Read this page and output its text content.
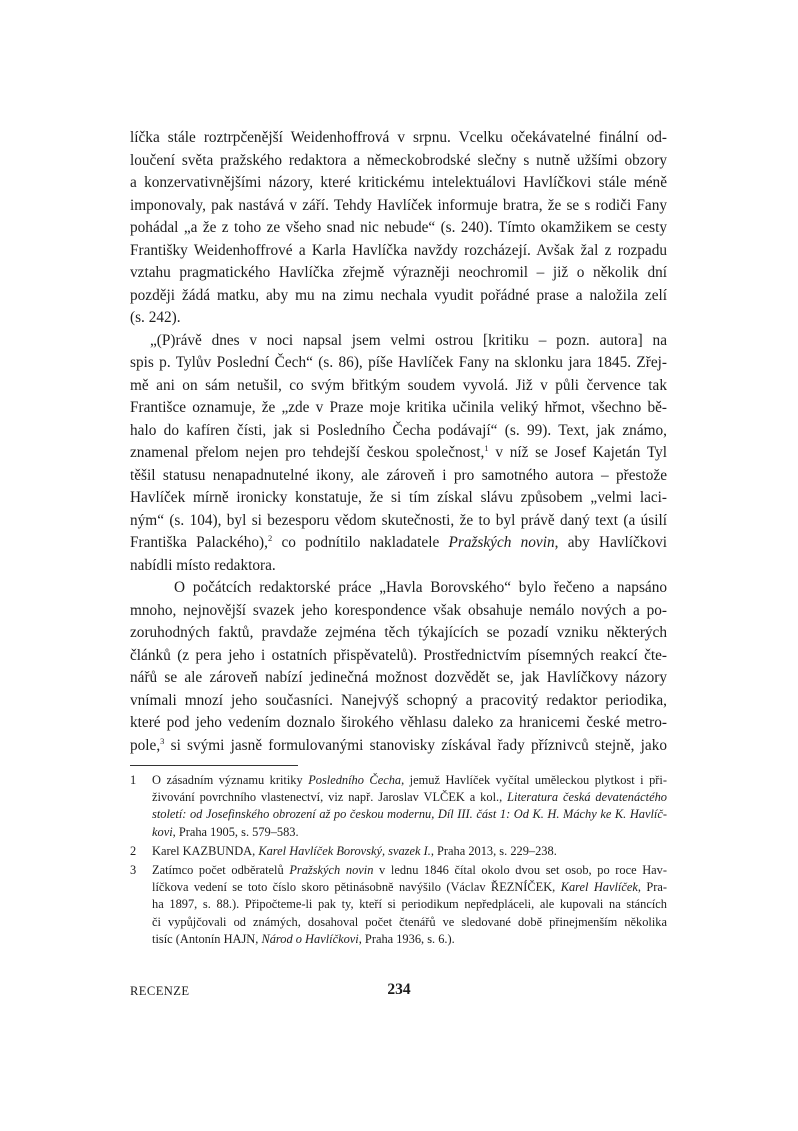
líčka stále roztrpčenější Weidenhoffrová v srpnu. Vcelku očekávatelné finální od-
loučení světa pražského redaktora a německobrodské slečny s nutně užšími obzory
a konzervativnějšími názory, které kritickému intelektuálovi Havlíčkovi stále méně
imponovaly, pak nastává v září. Tehdy Havlíček informuje bratra, že se s rodiči Fany
pohádal „a že z toho ze všeho snad nic nebude“ (s. 240). Tímto okamžikem se cesty
Františky Weidenhoffrové a Karla Havlíčka navždy rozcházejí. Avšak žal z rozpadu
vztahu pragmatického Havlíčka zřejmě výrazněji neochromil – již o několik dní
později žádá matku, aby mu na zimu nechala vyudit pořádné prase a naložila zelí
(s. 242).
„(P)rávě dnes v noci napsal jsem velmi ostrou [kritiku – pozn. autora] na
spis p. Tylův Poslední Čech“ (s. 86), píše Havlíček Fany na sklonku jara 1845. Zřej-
mě ani on sám netušil, co svým břitkým soudem vyvolá. Již v půli července tak
Františce oznamuje, že „zde v Praze moje kritika učinila veliký hřmot, všechno bě-
halo do kafíren čísti, jak si Posledního Čecha podávají“ (s. 99). Text, jak známo,
znamenal přelom nejen pro tehdejší českou společnost,$^1$ v níž se Josef Kajetán Tyl
těšil statusu nenapadnutelné ikony, ale zároveň i pro samotného autora – přestože
Havlíček mírně ironicky konstatuje, že si tím získal slávu způsobem „velmi laci-
ným“ (s. 104), byl si bezesporu vědom skutečnosti, že to byl právě daný text (a úsilí
Františka Palackého),$^2$ co podnítilo nakladatele Pražských novin, aby Havlíčkovi
nabídli místo redaktora.
O počátcích redaktorské práce „Havla Borovského“ bylo řečeno a napsáno
mnoho, nejnovější svazek jeho korespondence však obsahuje nemálo nových a po-
zoruhodných faktů, pravdaže zejména těch týkajících se pozadí vzniku některých
článků (z pera jeho i ostatních přispěvatelů). Prostřednictvím písemných reakcí čte-
nářů se ale zároveň nabízí jedinečná možnost dozvědět se, jak Havlíčkovy názory
vnímali mnozí jeho současníci. Nanejvýš schopný a pracovitý redaktor periodika,
které pod jeho vedením doznalo širokého věhlasu daleko za hranicemi české metro-
pole,$^3$ si svými jasně formulovanými stanovisky získával řady příznivců stejně, jako
1 O zásadním významu kritiky Posledního Čecha, jemuž Havlíček vyčítal uměleckou plytkost i při-
živování povrchního vlastenectví, viz např. Jaroslav VLČEK a kol., Literatura česká devatenáctého
století: od Josefinského obrození až po českou modernu, Díl III. část 1: Od K. H. Máchy ke K. Havlíč-
kovi, Praha 1905, s. 579–583.
2 Karel KAZBUNDA, Karel Havlíček Borovský, svazek I., Praha 2013, s. 229–238.
3 Zatímco počet odběratelů Pražských novin v lednu 1846 čítal okolo dvou set osob, po roce Hav-
líčkova vedení se toto číslo skoro pětinásobně navýšilo (Václav ŘEZNÍČEK, Karel Havlíček, Pra-
ha 1897, s. 88.). Připočteme-li pak ty, kteří si periodikum nepředpláceli, ale kupovali na stáncích
či vypůjčovali od známých, dosahoval počet čtenářů ve sledované době přinejmenším několika
tisíc (Antonín HAJN, Národ o Havlíčkovi, Praha 1936, s. 6.).
RECENZE	234
